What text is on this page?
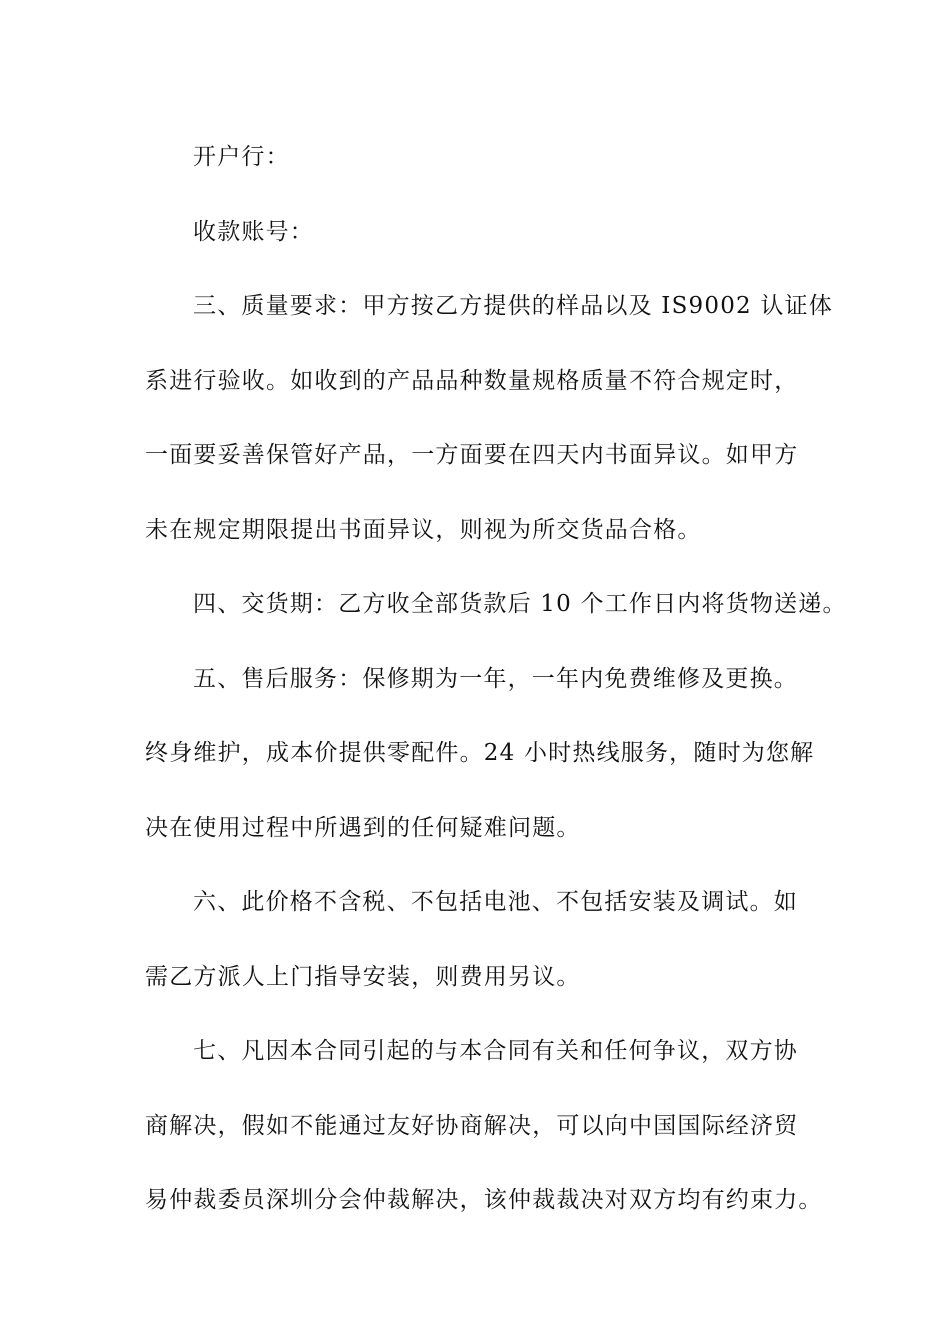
开户行：
收款账号：
三、质量要求：甲方按乙方提供的样品以及 IS9002 认证体
系进行验收。如收到的产品品种数量规格质量不符合规定时，
一面要妥善保管好产品，一方面要在四天内书面异议。如甲方
未在规定期限提出书面异议，则视为所交货品合格。
四、交货期：乙方收全部货款后 10 个工作日内将货物送递。
五、售后服务：保修期为一年，一年内免费维修及更换。
终身维护，成本价提供零配件。24 小时热线服务，随时为您解
决在使用过程中所遇到的任何疑难问题。
六、此价格不含税、不包括电池、不包括安装及调试。如
需乙方派人上门指导安装，则费用另议。
七、凡因本合同引起的与本合同有关和任何争议，双方协
商解决，假如不能通过友好协商解决，可以向中国国际经济贸
易仲裁委员深圳分会仲裁解决，该仲裁裁决对双方均有约束力。
